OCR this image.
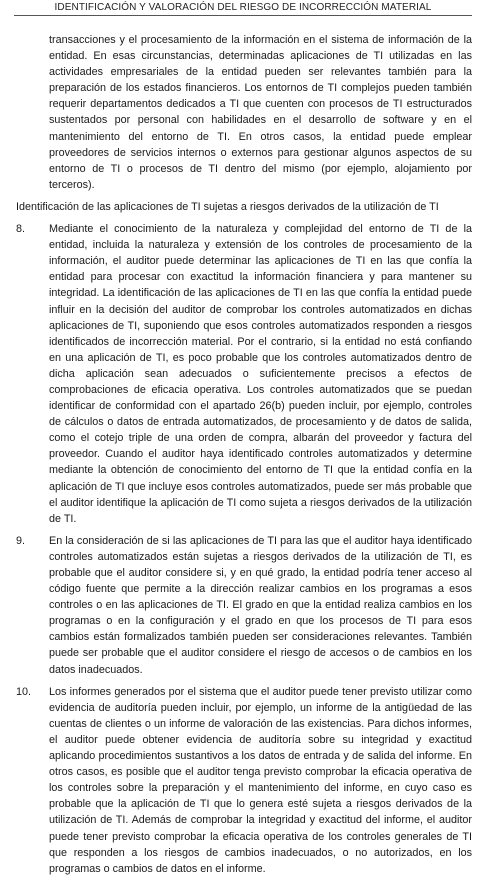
IDENTIFICACIÓN Y VALORACIÓN DEL RIESGO DE INCORRECCIÓN MATERIAL

transacciones y el procesamiento de la información en el sistema de información de la entidad. En esas circunstancias, determinadas aplicaciones de TI utilizadas en las actividades empresariales de la entidad pueden ser relevantes también para la preparación de los estados financieros. Los entornos de TI complejos pueden también requerir departamentos dedicados a TI que cuenten con procesos de TI estructurados sustentados por personal con habilidades en el desarrollo de software y en el mantenimiento del entorno de TI. En otros casos, la entidad puede emplear proveedores de servicios internos o externos para gestionar algunos aspectos de su entorno de TI o procesos de TI dentro del mismo (por ejemplo, alojamiento por terceros).

Identificación de las aplicaciones de TI sujetas a riesgos derivados de la utilización de TI

8.	Mediante el conocimiento de la naturaleza y complejidad del entorno de TI de la entidad, incluida la naturaleza y extensión de los controles de procesamiento de la información, el auditor puede determinar las aplicaciones de TI en las que confía la entidad para procesar con exactitud la información financiera y para mantener su integridad. La identificación de las aplicaciones de TI en las que confía la entidad puede influir en la decisión del auditor de comprobar los controles automatizados en dichas aplicaciones de TI, suponiendo que esos controles automatizados responden a riesgos identificados de incorrección material. Por el contrario, si la entidad no está confiando en una aplicación de TI, es poco probable que los controles automatizados dentro de dicha aplicación sean adecuados o suficientemente precisos a efectos de comprobaciones de eficacia operativa. Los controles automatizados que se puedan identificar de conformidad con el apartado 26(b) pueden incluir, por ejemplo, controles de cálculos o datos de entrada automatizados, de procesamiento y de datos de salida, como el cotejo triple de una orden de compra, albarán del proveedor y factura del proveedor. Cuando el auditor haya identificado controles automatizados y determine mediante la obtención de conocimiento del entorno de TI que la entidad confía en la aplicación de TI que incluye esos controles automatizados, puede ser más probable que el auditor identifique la aplicación de TI como sujeta a riesgos derivados de la utilización de TI.
9.	En la consideración de si las aplicaciones de TI para las que el auditor haya identificado controles automatizados están sujetas a riesgos derivados de la utilización de TI, es probable que el auditor considere si, y en qué grado, la entidad podría tener acceso al código fuente que permite a la dirección realizar cambios en los programas a esos controles o en las aplicaciones de TI. El grado en que la entidad realiza cambios en los programas o en la configuración y el grado en que los procesos de TI para esos cambios están formalizados también pueden ser consideraciones relevantes. También puede ser probable que el auditor considere el riesgo de accesos o de cambios en los datos inadecuados.
10.	Los informes generados por el sistema que el auditor puede tener previsto utilizar como evidencia de auditoría pueden incluir, por ejemplo, un informe de la antigüedad de las cuentas de clientes o un informe de valoración de las existencias. Para dichos informes, el auditor puede obtener evidencia de auditoría sobre su integridad y exactitud aplicando procedimientos sustantivos a los datos de entrada y de salida del informe. En otros casos, es posible que el auditor tenga previsto comprobar la eficacia operativa de los controles sobre la preparación y el mantenimiento del informe, en cuyo caso es probable que la aplicación de TI que lo genera esté sujeta a riesgos derivados de la utilización de TI. Además de comprobar la integridad y exactitud del informe, el auditor puede tener previsto comprobar la eficacia operativa de los controles generales de TI que responden a los riesgos de cambios inadecuados, o no autorizados, en los programas o cambios de datos en el informe.
